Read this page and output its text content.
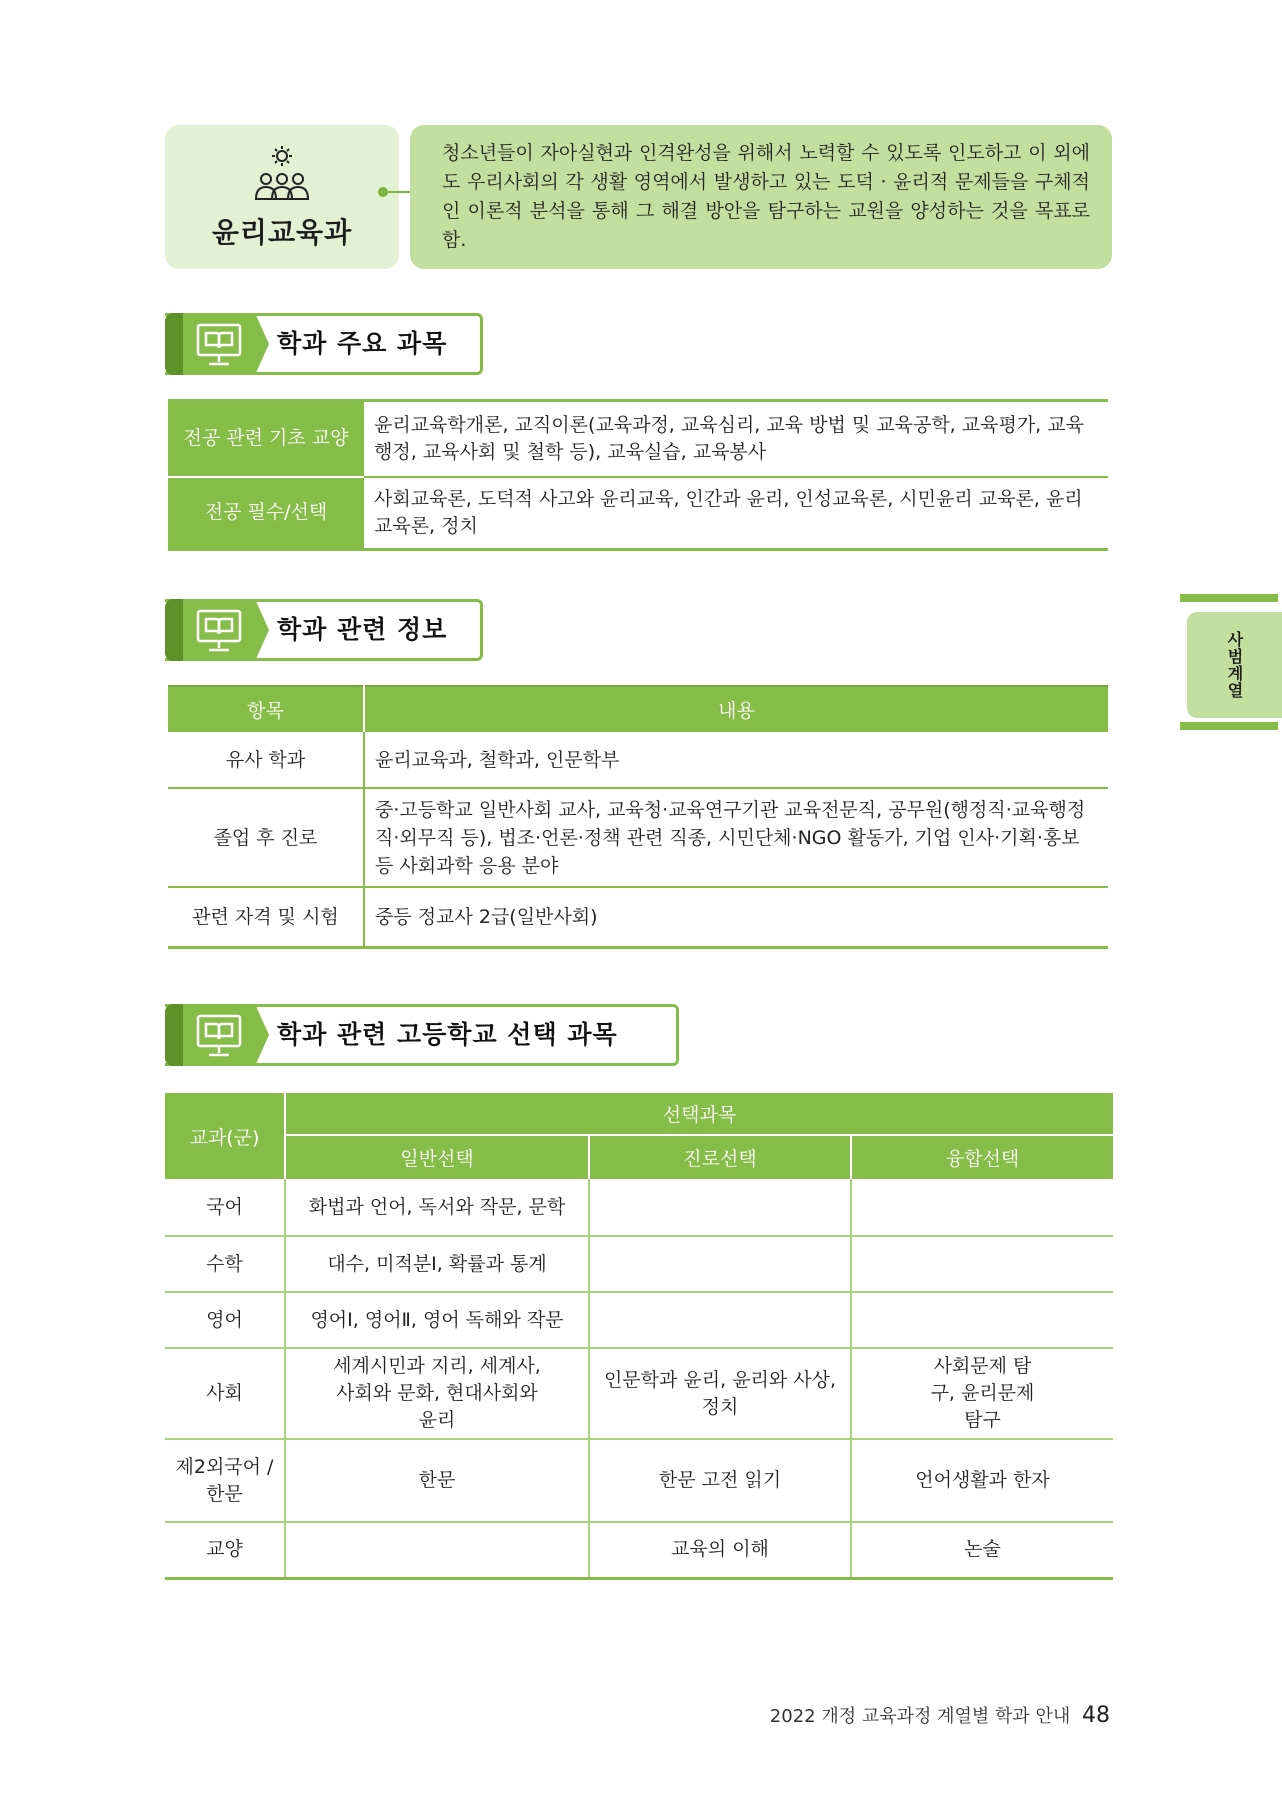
윤리교육과
청소년들이 자아실현과 인격완성을 위해서 노력할 수 있도록 인도하고 이 외에도 우리사회의 각 생활 영역에서 발생하고 있는 도덕 · 윤리적 문제들을 구체적인 이론적 분석을 통해 그 해결 방안을 탐구하는 교원을 양성하는 것을 목표로 함.
학과 주요 과목
전공 관련 기초 교양	윤리교육학개론, 교직이론(교육과정, 교육심리, 교육 방법 및 교육공학, 교육평가, 교육행정, 교육사회 및 철학 등), 교육실습, 교육봉사
전공 필수/선택	사회교육론, 도덕적 사고와 윤리교육, 인간과 윤리, 인성교육론, 시민윤리 교육론, 윤리교육론, 정치
학과 관련 정보
항목	내용
유사 학과	윤리교육과, 철학과, 인문학부
졸업 후 진로	중·고등학교 일반사회 교사, 교육청·교육연구기관 교육전문직, 공무원(행정직·교육행정직·외무직 등), 법조·언론·정책 관련 직종, 시민단체·NGO 활동가, 기업 인사·기획·홍보 등 사회과학 응용 분야
관련 자격 및 시험	중등 정교사 2급(일반사회)
학과 관련 고등학교 선택 과목
교과(군)	선택과목		
	일반선택	진로선택	융합선택
국어	화법과 언어, 독서와 작문, 문학		
수학	대수, 미적분Ⅰ, 확률과 통계		
영어	영어Ⅰ, 영어Ⅱ, 영어 독해와 작문		
사회	세계시민과 지리, 세계사, 사회와 문화, 현대사회와 윤리	인문학과 윤리, 윤리와 사상, 정치	사회문제 탐구, 윤리문제 탐구
제2외국어 /한문	한문	한문 고전 읽기	언어생활과 한자
교양		교육의 이해	논술
사범계열
2022 개정 교육과정 계열별 학과 안내 48
